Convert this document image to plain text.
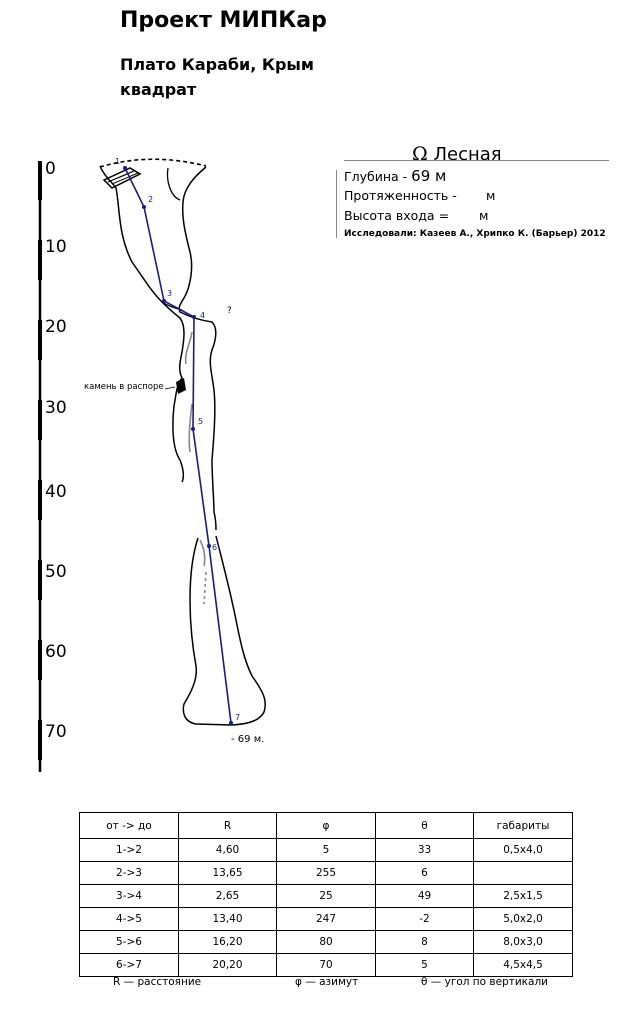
Проект МИПКар
Плато Караби, Крым
квадрат
Ω Лесная
Глубина - 69 м
Протяженность - м
Высота входа = м
Исследовали: Казеев А., Хрипко К. (Барьер) 2012
0
10
20
30
40
50
60
70
1
2
3
4
5
6
7
?
камень в распоре
- 69 м.
от -> до	R	φ	θ	габариты
1->2	4,60	5	33	0,5x4,0
2->3	13,65	255	6	
3->4	2,65	25	49	2,5x1,5
4->5	13,40	247	-2	5,0x2,0
5->6	16,20	80	8	8,0x3,0
6->7	20,20	70	5	4,5x4,5
R — расстояние	φ — азимут	θ — угол по вертикали
